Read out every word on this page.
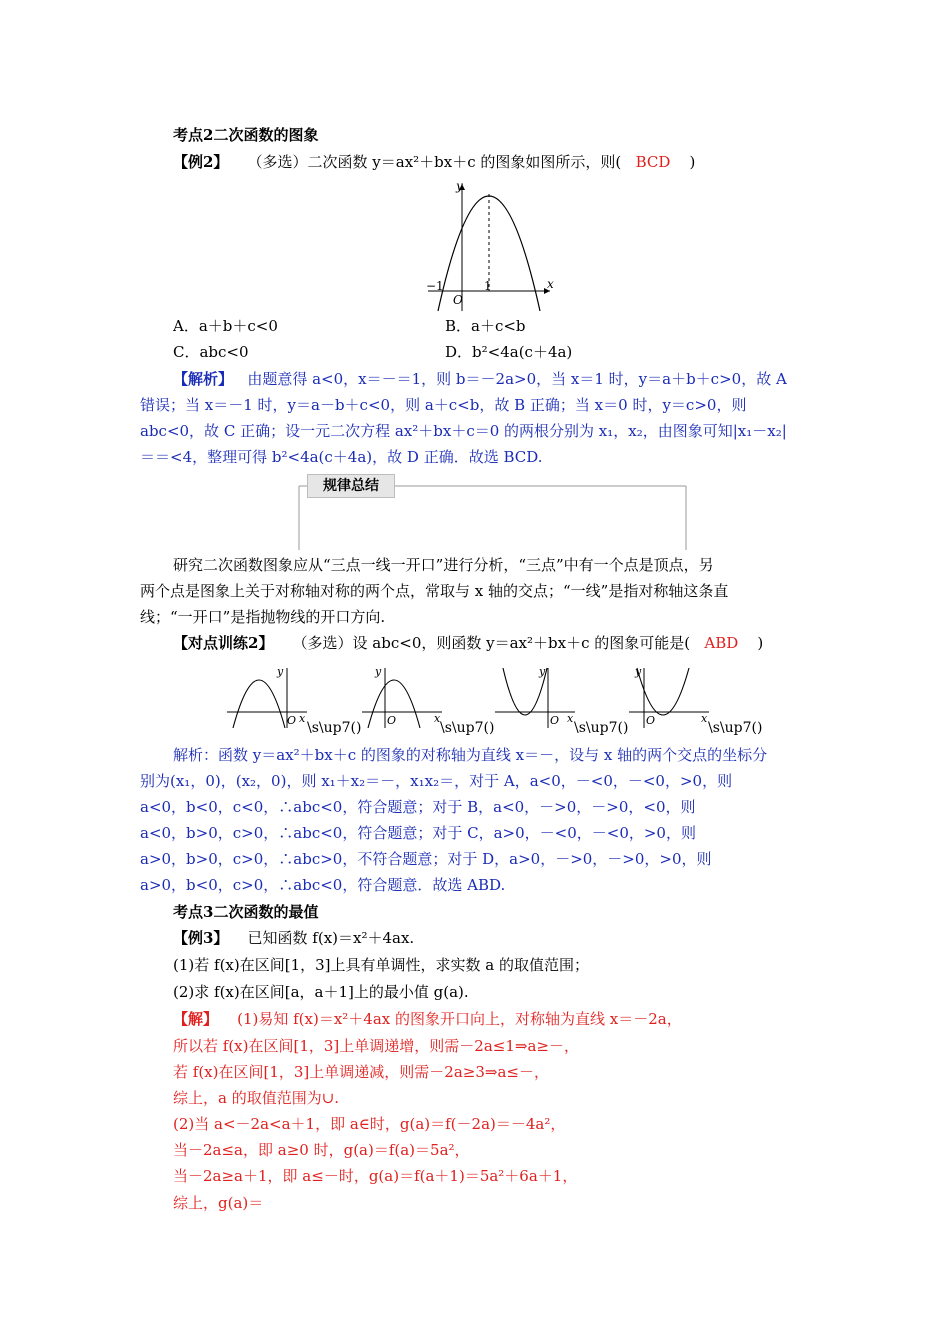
考点2二次函数的图象
【例2】 （多选）二次函数 y＝ax²＋bx＋c 的图象如图所示，则( BCD )
y
x
O
−1	1
A．a＋b＋c<0	B．a＋c<b
C．abc<0	D．b²<4a(c＋4a)
【解析】 由题意得 a<0，x＝－＝1，则 b＝－2a>0，当 x＝1 时，y＝a＋b＋c>0，故 A
错误；当 x＝－1 时，y＝a－b＋c<0，则 a＋c<b，故 B 正确；当 x＝0 时，y＝c>0，则
abc<0，故 C 正确；设一元二次方程 ax²＋bx＋c＝0 的两根分别为 x₁，x₂，由图象可知|x₁－x₂|
＝＝<4，整理可得 b²<4a(c＋4a)，故 D 正确．故选 BCD.
规律总结
研究二次函数图象应从“三点一线一开口”进行分析，“三点”中有一个点是顶点，另
两个点是图象上关于对称轴对称的两个点，常取与 x 轴的交点；“一线”是指对称轴这条直
线；“一开口”是指抛物线的开口方向.
【对点训练2】 （多选）设 abc<0，则函数 y＝ax²＋bx＋c 的图象可能是( ABD )
y
x
O \s\up7()
y
x
O	\s\up7()
y
x
O \s\up7()
y
x
O	\s\up7()
解析：函数 y＝ax²＋bx＋c 的图象的对称轴为直线 x＝－，设与 x 轴的两个交点的坐标分
别为(x₁，0)，(x₂，0)，则 x₁＋x₂＝－，x₁x₂＝，对于 A，a<0，－<0，－<0，>0，则
a<0，b<0，c<0，∴abc<0，符合题意；对于 B，a<0，－>0，－>0，<0，则
a<0，b>0，c>0，∴abc<0，符合题意；对于 C，a>0，－<0，－<0，>0，则
a>0，b>0，c>0，∴abc>0，不符合题意；对于 D，a>0，－>0，－>0，>0，则
a>0，b<0，c>0，∴abc<0，符合题意．故选 ABD.
考点3二次函数的最值
【例3】 已知函数 f(x)＝x²＋4ax.
(1)若 f(x)在区间[1，3]上具有单调性，求实数 a 的取值范围；
(2)求 f(x)在区间[a，a＋1]上的最小值 g(a).
【解】 (1)易知 f(x)＝x²＋4ax 的图象开口向上，对称轴为直线 x＝－2a，
所以若 f(x)在区间[1，3]上单调递增，则需－2a≤1⇒a≥－，
若 f(x)在区间[1，3]上单调递减，则需－2a≥3⇒a≤－，
综上，a 的取值范围为∪.
(2)当 a<－2a<a＋1，即 a∈时，g(a)＝f(－2a)＝－4a²，
当－2a≤a，即 a≥0 时，g(a)＝f(a)＝5a²，
当－2a≥a＋1，即 a≤－时，g(a)＝f(a＋1)＝5a²＋6a＋1，
综上，g(a)＝
